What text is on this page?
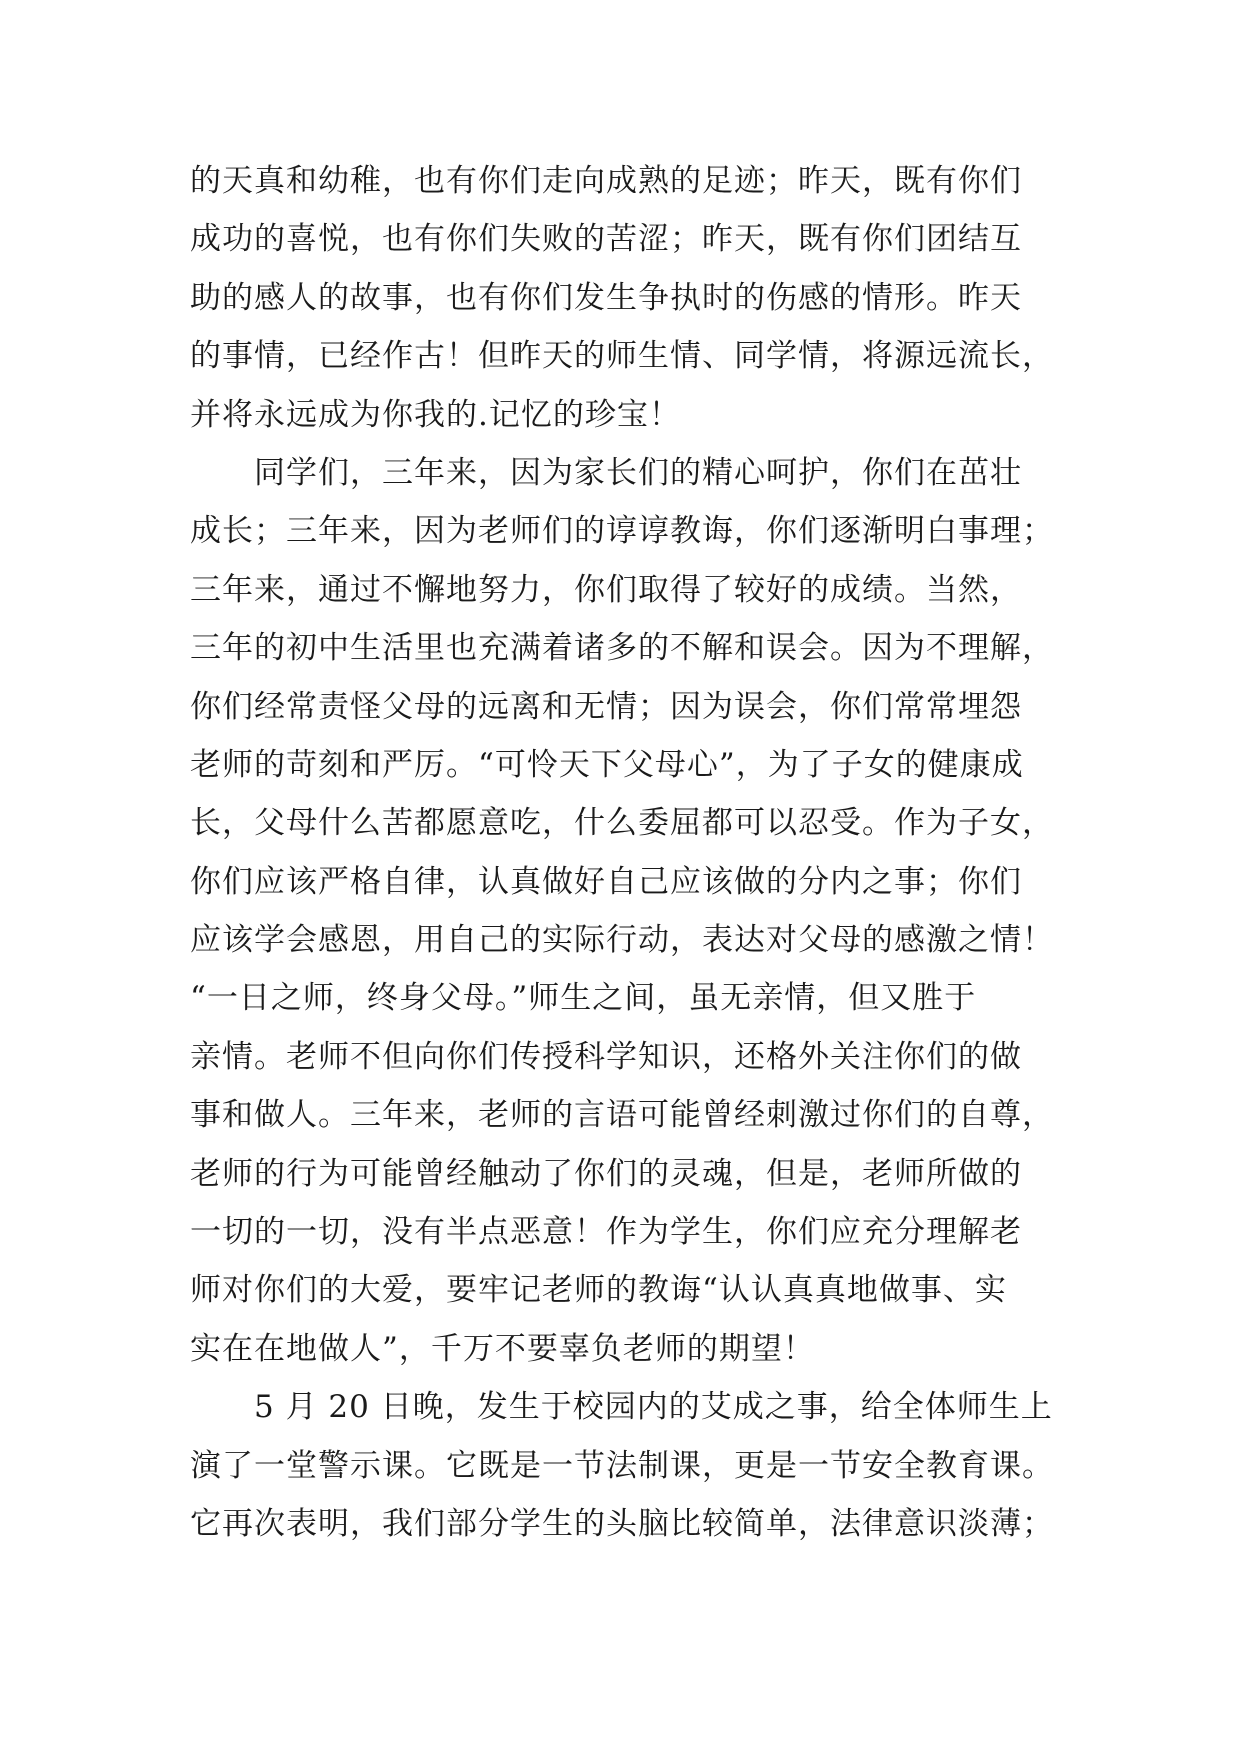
的天真和幼稚，也有你们走向成熟的足迹；昨天，既有你们
成功的喜悦，也有你们失败的苦涩；昨天，既有你们团结互
助的感人的故事，也有你们发生争执时的伤感的情形。昨天
的事情，已经作古！但昨天的师生情、同学情，将源远流长，
并将永远成为你我的.记忆的珍宝！
同学们，三年来，因为家长们的精心呵护，你们在茁壮
成长；三年来，因为老师们的谆谆教诲，你们逐渐明白事理；
三年来，通过不懈地努力，你们取得了较好的成绩。当然，
三年的初中生活里也充满着诸多的不解和误会。因为不理解，
你们经常责怪父母的远离和无情；因为误会，你们常常埋怨
老师的苛刻和严厉。“可怜天下父母心”，为了子女的健康成
长，父母什么苦都愿意吃，什么委屈都可以忍受。作为子女，
你们应该严格自律，认真做好自己应该做的分内之事；你们
应该学会感恩，用自己的实际行动，表达对父母的感激之情！
“一日之师，终身父母。”师生之间，虽无亲情，但又胜于
亲情。老师不但向你们传授科学知识，还格外关注你们的做
事和做人。三年来，老师的言语可能曾经刺激过你们的自尊，
老师的行为可能曾经触动了你们的灵魂，但是，老师所做的
一切的一切，没有半点恶意！作为学生，你们应充分理解老
师对你们的大爱，要牢记老师的教诲“认认真真地做事、实
实在在地做人”，千万不要辜负老师的期望！
5 月 20 日晚，发生于校园内的艾成之事，给全体师生上
演了一堂警示课。它既是一节法制课，更是一节安全教育课。
它再次表明，我们部分学生的头脑比较简单，法律意识淡薄；
